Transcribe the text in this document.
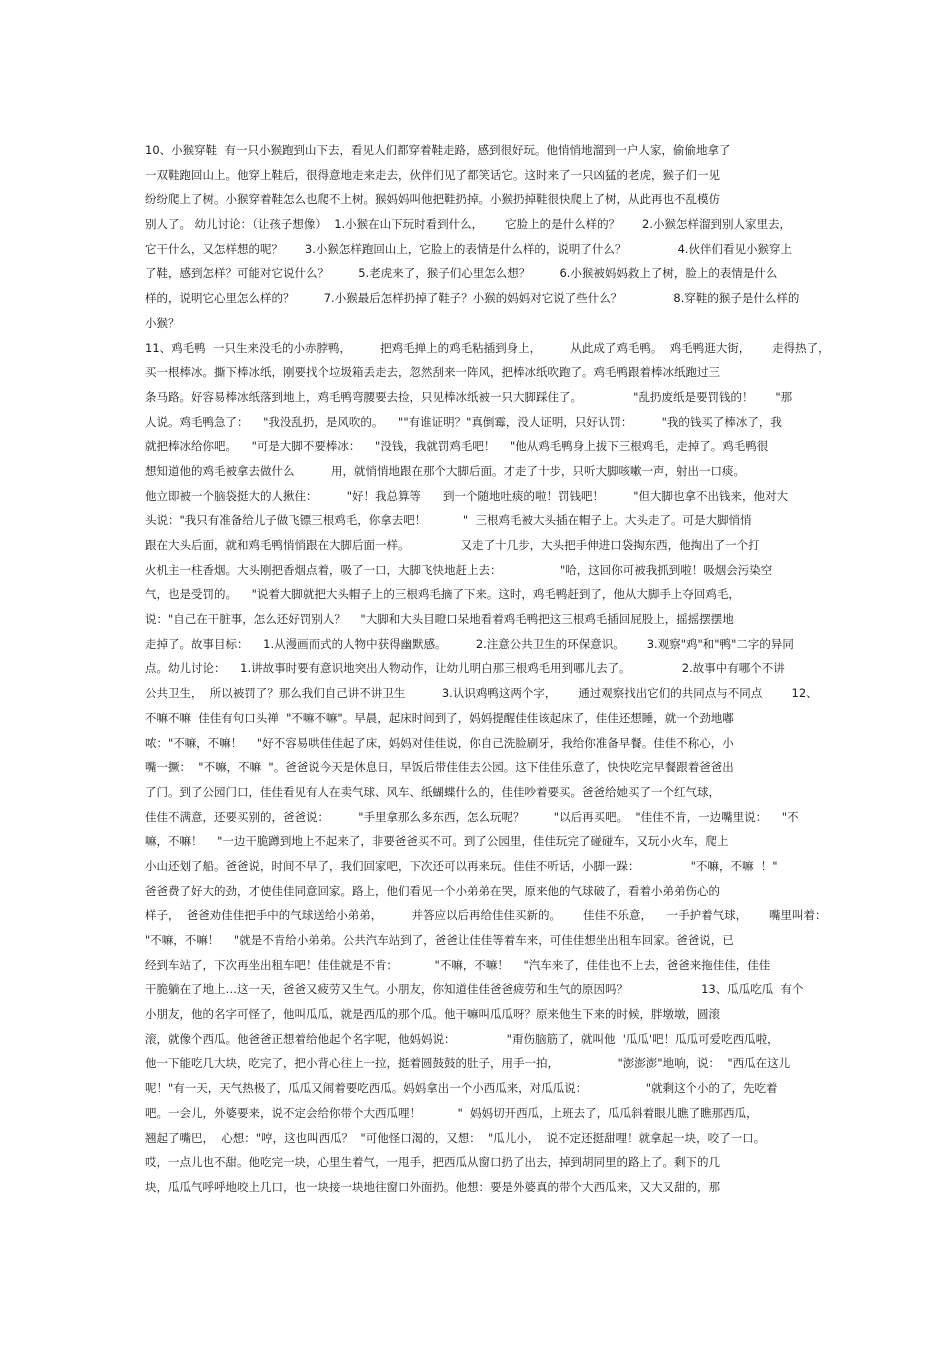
10、小猴穿鞋  有一只小猴跑到山下去，看见人们都穿着鞋走路，感到很好玩。他悄悄地溜到一户人家，偷偷地拿了
一双鞋跑回山上。他穿上鞋后，很得意地走来走去，伙伴们见了都笑话它。这时来了一只凶猛的老虎，猴子们一见
纷纷爬上了树。小猴穿着鞋怎么也爬不上树。猴妈妈叫他把鞋扔掉。小猴扔掉鞋很快爬上了树，从此再也不乱模仿
别人了。 幼儿讨论：（让孩子想像）  1.小猴在山下玩时看到什么，      它脸上的是什么样的？      2.小猴怎样溜到别人家里去，
它干什么，又怎样想的呢？      3.小猴怎样跑回山上，它脸上的表情是什么样的，说明了什么？              4.伙伴们看见小猴穿上
了鞋，感到怎样？可能对它说什么？        5.老虎来了，猴子们心里怎么想？        6.小猴被妈妈救上了树，脸上的表情是什么
样的，说明它心里怎么样的？        7.小猴最后怎样扔掉了鞋子？小猴的妈妈对它说了些什么？              8.穿鞋的猴子是什么样的
小猴？
11、鸡毛鸭  一只生来没毛的小赤脖鸭，        把鸡毛掸上的鸡毛粘插到身上，        从此成了鸡毛鸭。  鸡毛鸭逛大街，      走得热了，
买一根棒冰。撕下棒冰纸，刚要找个垃圾箱丢走去，忽然刮来一阵风，把棒冰纸吹跑了。鸡毛鸭跟着棒冰纸跑过三
条马路。好容易棒冰纸落到地上，鸡毛鸭弯腰要去捡，只见棒冰纸被一只大脚踩住了。              "乱扔废纸是要罚钱的！      "那
人说。鸡毛鸭急了：    "我没乱扔，是风吹的。    ""有谁证明？"真倒霉，没人证明，只好认罚：        "我的钱买了棒冰了，我
就把棒冰给你吧。    "可是大脚不要棒冰：    "没钱，我就罚鸡毛吧！    "他从鸡毛鸭身上拔下三根鸡毛，走掉了。鸡毛鸭很
想知道他的鸡毛被拿去做什么          用，就悄悄地跟在那个大脚后面。才走了十步，只听大脚咳嗽一声，射出一口痰。
他立即被一个脑袋挺大的人揪住：        "好！我总算等      到一个随地吐痰的啦！罚钱吧！        "但大脚也拿不出钱来，他对大
头说："我只有准备给儿子做飞镖三根鸡毛，你拿去吧！          "  三根鸡毛被大头插在帽子上。大头走了。可是大脚悄悄
跟在大头后面，就和鸡毛鸭悄悄跟在大脚后面一样。              又走了十几步，大头把手伸进口袋掏东西，他掏出了一个打
火机主一柱香烟。大头刚把香烟点着，吸了一口，大脚飞快地赶上去：                "哈，这回你可被我抓到啦！吸烟会污染空
气，也是受罚的。    "说着大脚就把大头帽子上的三根鸡毛摘了下来。这时，鸡毛鸭赶到了，他从大脚手上夺回鸡毛，
说："自己在干脏事，怎么还好罚别人？    "大脚和大头目瞪口呆地看着鸡毛鸭把这三根鸡毛插回屁股上，摇摇摆摆地
走掉了。故事目标：    1.从漫画而式的人物中获得幽默感。        2.注意公共卫生的环保意识。      3.观察"鸡"和"鸭"二字的异同
点。幼儿讨论：    1.讲故事时要有意识地突出人物动作，让幼儿明白那三根鸡毛用到哪儿去了。              2.故事中有哪个不讲
公共卫生，  所以被罚了？那么我们自己讲不讲卫生          3.认识鸡鸭这两个字，      通过观察找出它们的共同点与不同点        12、
不嘛不嘛  佳佳有句口头禅  "不嘛不嘛"。早晨，起床时间到了，妈妈提醒佳佳该起床了，佳佳还想睡，就一个劲地嘟
哝："不嘛，不嘛！    "好不容易哄佳佳起了床，妈妈对佳佳说，你自己洗脸刷牙，我给你准备早餐。佳佳不称心，小
嘴一撅：  "不嘛，不嘛  "。爸爸说今天是休息日，早饭后带佳佳去公园。这下佳佳乐意了，快快吃完早餐跟着爸爸出
了门。到了公园门口，佳佳看见有人在卖气球、风车、纸蝴蝶什么的，佳佳吵着要买。爸爸给她买了一个红气球，
佳佳不满意，还要买别的，爸爸说：        "手里拿那么多东西，怎么玩呢？        "以后再买吧。  "佳佳不肯，一边嘴里说：    "不
嘛，不嘛！    "一边干脆蹲到地上不起来了，非要爸爸买不可。到了公园里，佳佳玩完了碰碰车，又玩小火车，爬上
小山还划了船。爸爸说，时间不早了，我们回家吧，下次还可以再来玩。佳佳不听话，小脚一跺：              "不嘛，不嘛  ！"
爸爸费了好大的劲，才使佳佳同意回家。路上，他们看见一个小弟弟在哭，原来他的气球破了，看着小弟弟伤心的
样子，  爸爸劝佳佳把手中的气球送给小弟弟，        并答应以后再给佳佳买新的。      佳佳不乐意，    一手护着气球，      嘴里叫着：
"不嘛，不嘛！    "就是不肯给小弟弟。公共汽车站到了，爸爸让佳佳等着车来，可佳佳想坐出租车回家。爸爸说，已
经到车站了，下次再坐出租车吧！佳佳就是不肯：          "不嘛，不嘛！    "汽车来了，佳佳也不上去，爸爸来拖佳佳，佳佳
干脆躺在了地上…这一天，爸爸又疲劳又生气。小朋友，你知道佳佳爸爸疲劳和生气的原因吗？                    13、瓜瓜吃瓜  有个
小朋友，他的名字可怪了，他叫瓜瓜，就是西瓜的那个瓜。他干嘛叫瓜瓜呀？原来他生下来的时候，胖墩墩，圆滚
滚，就像个西瓜。他爸爸正想着给他起个名字呢，他妈妈说：              "甭伤脑筋了，就叫他  '瓜瓜'吧！瓜瓜可爱吃西瓜啦，
他一下能吃几大块，吃完了，把小背心往上一拉，挺着圆鼓鼓的肚子，用手一拍，                "澎澎澎"地响，说：  "西瓜在这儿
呢！"有一天，天气热极了，瓜瓜又闹着要吃西瓜。妈妈拿出一个小西瓜来，对瓜瓜说：                "就剩这个小的了，先吃着
吧。一会儿，外婆要来，说不定会给你带个大西瓜哩！          "  妈妈切开西瓜，上班去了，瓜瓜斜着眼儿瞧了瞧那西瓜，
翘起了嘴巴，  心想："哼，这也叫西瓜？  "可他怪口渴的，又想：  "瓜儿小，  说不定还挺甜哩！就拿起一块，咬了一口。
哎，一点儿也不甜。他吃完一块，心里生着气，一甩手，把西瓜从窗口扔了出去，掉到胡同里的路上了。剩下的几
块，瓜瓜气呼呼地咬上几口，也一块接一块地往窗口外面扔。他想：要是外婆真的带个大西瓜来，又大又甜的，那
